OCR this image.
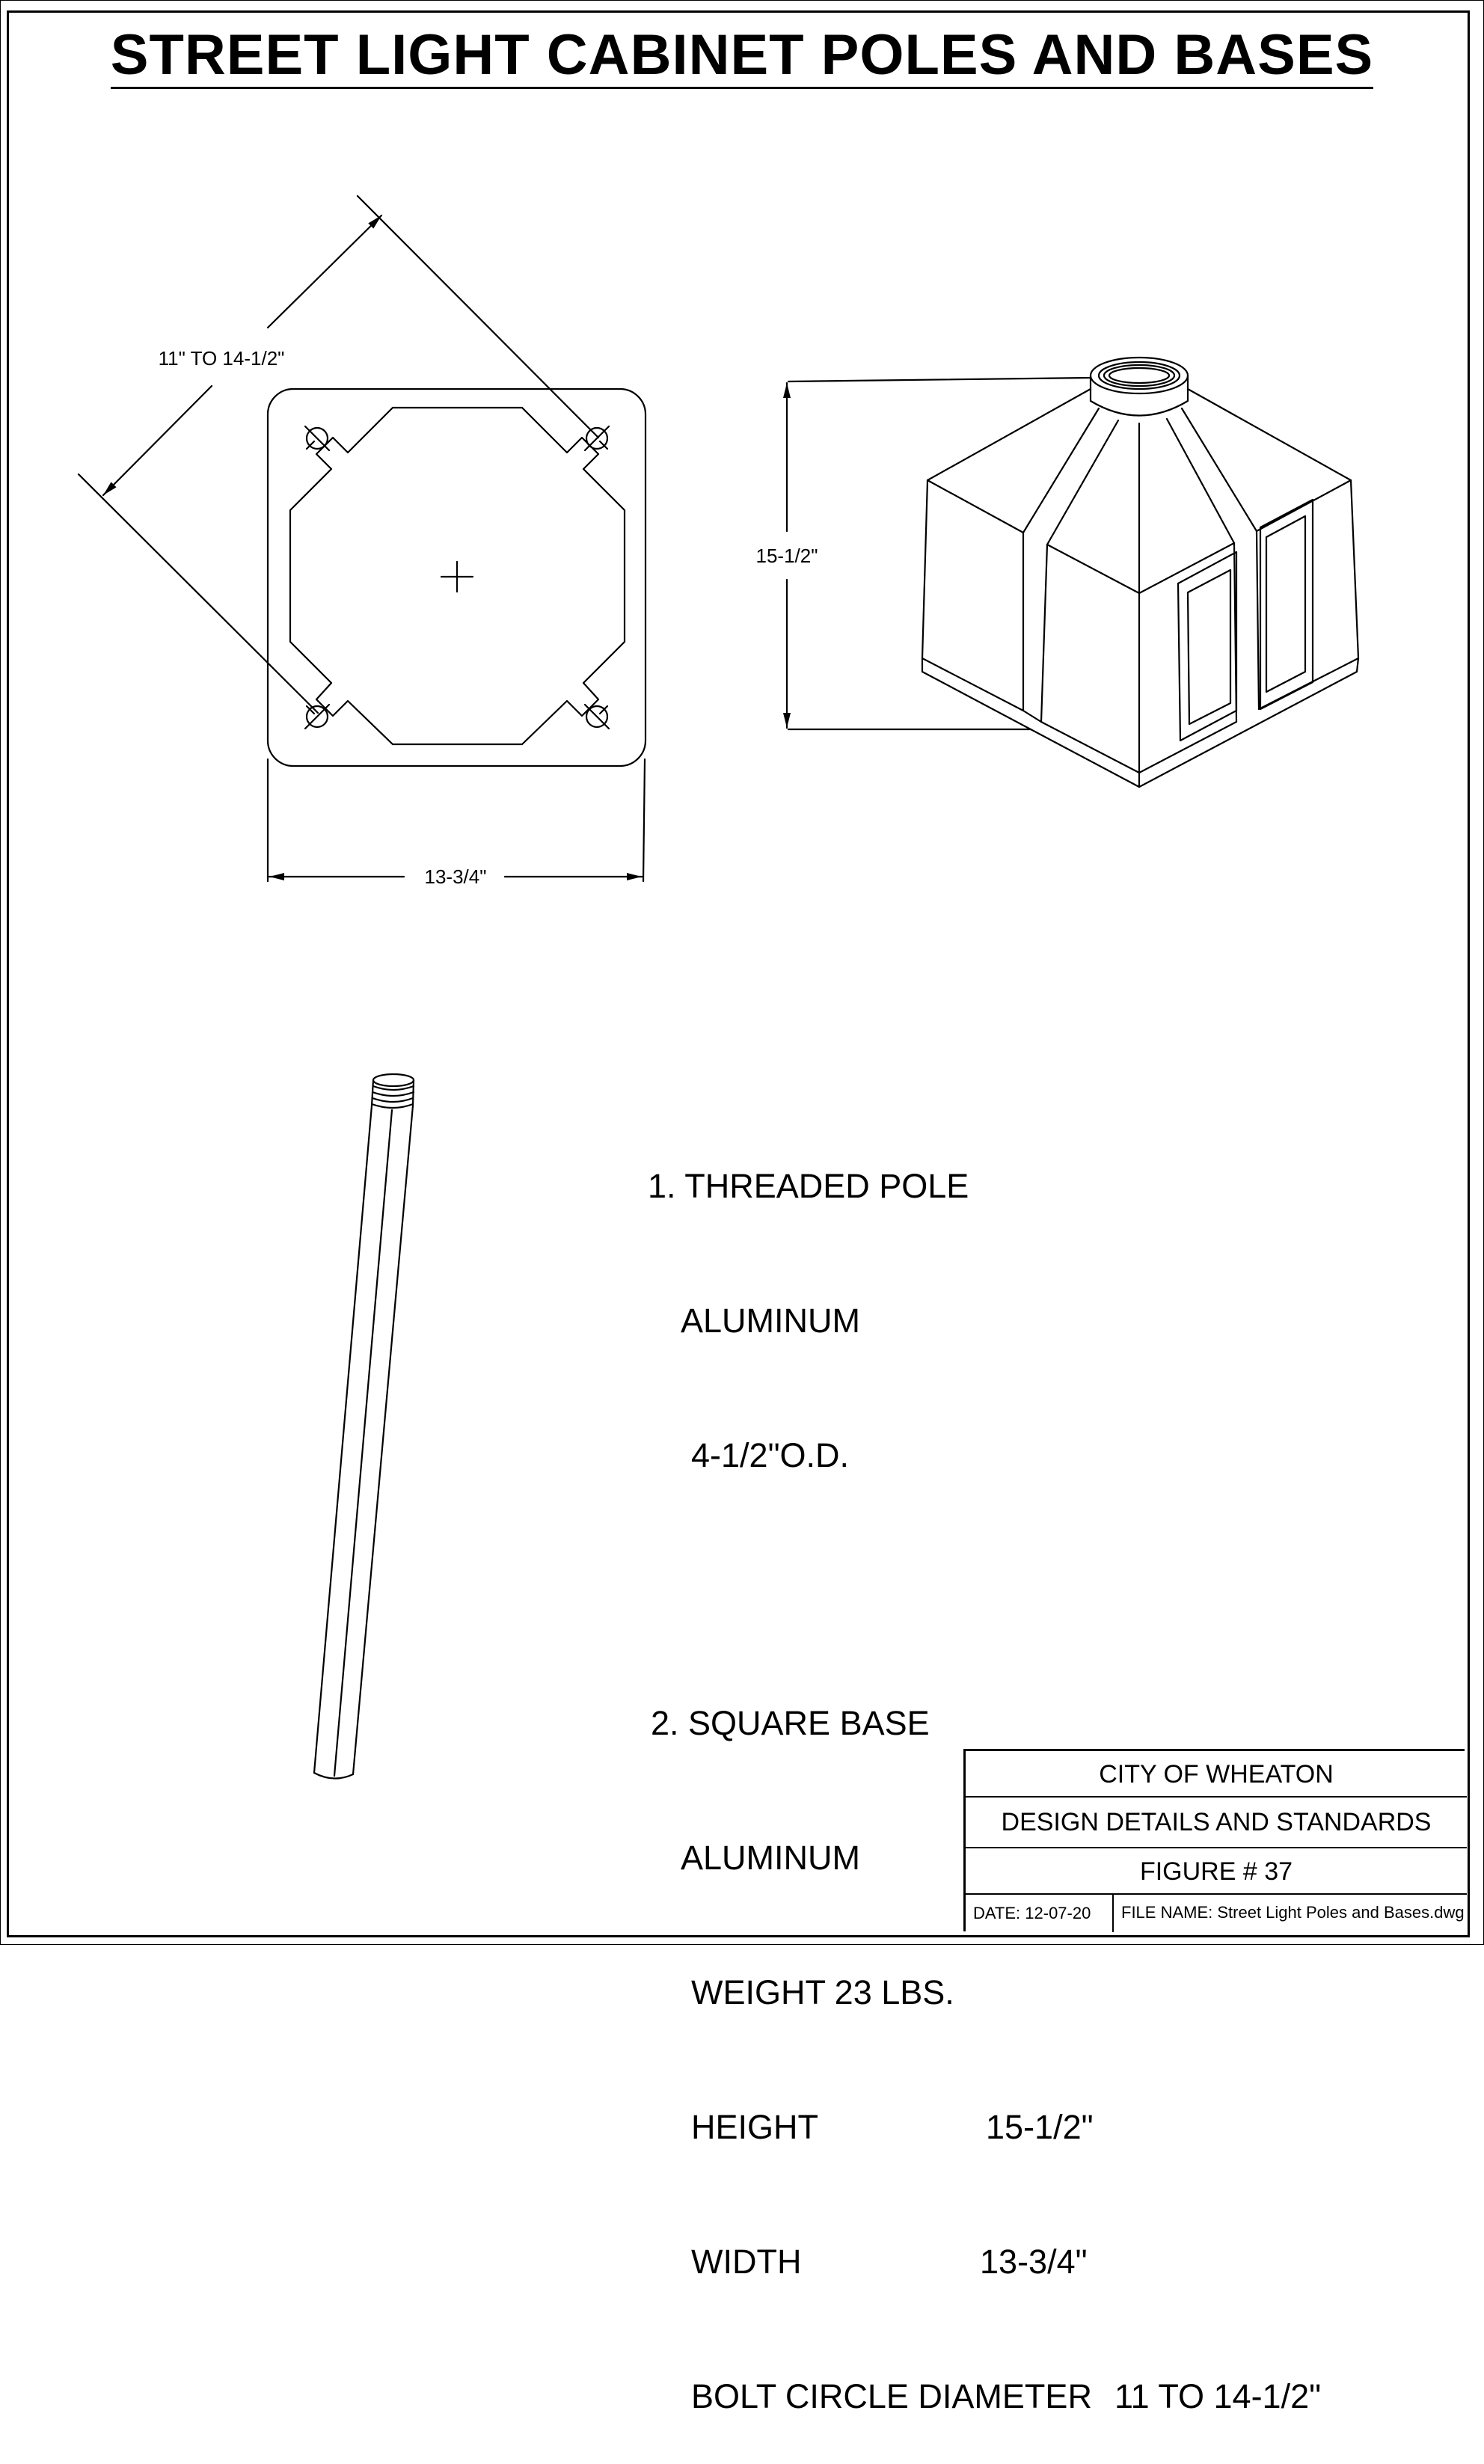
STREET LIGHT CABINET POLES AND BASES
11" TO 14-1/2"
13-3/4"
15-1/2"

1. THREADED POLE

ALUMINUM

4-1/2"O.D.

2. SQUARE BASE

ALUMINUM

WEIGHT 23 LBS.

HEIGHT	15-1/2"

WIDTH	13-3/4"

BOLT CIRCLE DIAMETER 11 TO 14-1/2"

CITY OF WHEATON
DESIGN DETAILS AND STANDARDS
FIGURE # 37
DATE: 12-07-20	FILE NAME: Street Light Poles and Bases.dwg
